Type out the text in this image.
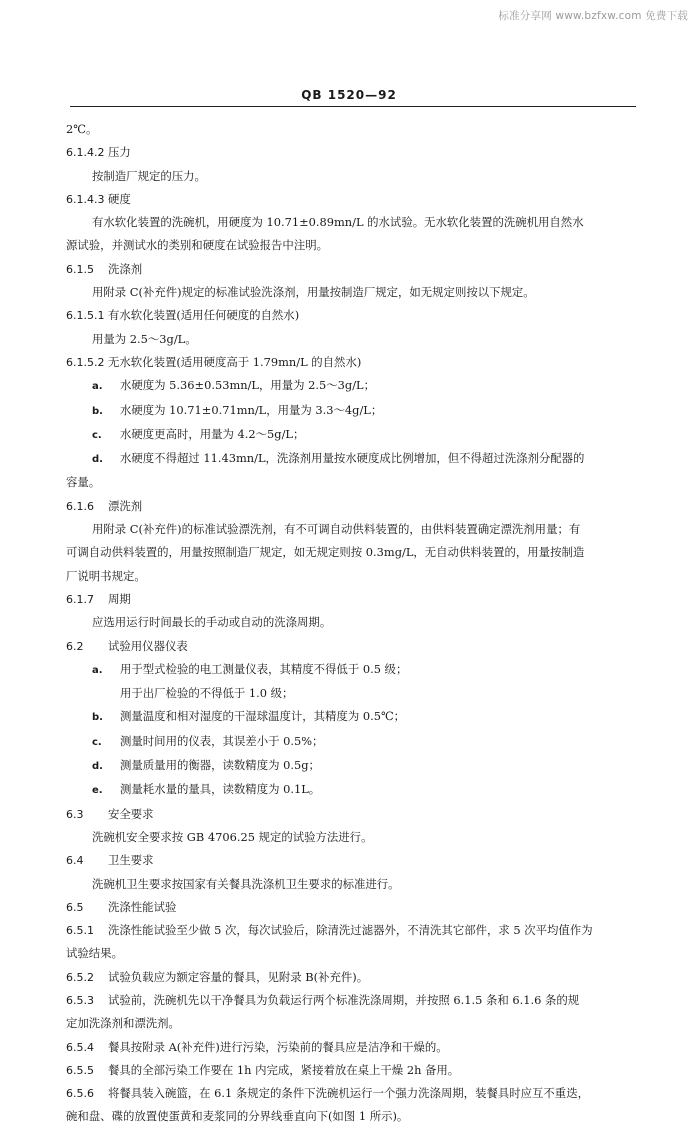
标准分享网 www.bzfxw.com 免费下载
QB 1520—92
2℃。
6.1.4.2 压力
按制造厂规定的压力。
6.1.4.3 硬度
有水软化装置的洗碗机，用硬度为 10.71±0.89mn/L 的水试验。无水软化装置的洗碗机用自然水
源试验，并测试水的类别和硬度在试验报告中注明。
6.1.5 洗涤剂
用附录 C(补充件)规定的标准试验洗涤剂，用量按制造厂规定，如无规定则按以下规定。
6.1.5.1 有水软化装置(适用任何硬度的自然水)
用量为 2.5～3g/L。
6.1.5.2 无水软化装置(适用硬度高于 1.79mn/L 的自然水)
a. 水硬度为 5.36±0.53mn/L，用量为 2.5～3g/L；
b. 水硬度为 10.71±0.71mn/L，用量为 3.3～4g/L；
c. 水硬度更高时，用量为 4.2～5g/L；
d. 水硬度不得超过 11.43mn/L，洗涤剂用量按水硬度成比例增加，但不得超过洗涤剂分配器的
容量。
6.1.6 漂洗剂
用附录 C(补充件)的标准试验漂洗剂，有不可调自动供料装置的，由供料装置确定漂洗剂用量；有
可调自动供料装置的，用量按照制造厂规定，如无规定则按 0.3mg/L，无自动供料装置的，用量按制造
厂说明书规定。
6.1.7 周期
应选用运行时间最长的手动或自动的洗涤周期。
6.2 试验用仪器仪表
a. 用于型式检验的电工测量仪表，其精度不得低于 0.5 级；
用于出厂检验的不得低于 1.0 级；
b. 测量温度和相对湿度的干湿球温度计，其精度为 0.5℃；
c. 测量时间用的仪表，其误差小于 0.5%；
d. 测量质量用的衡器，读数精度为 0.5g；
e. 测量耗水量的量具，读数精度为 0.1L。
6.3 安全要求
洗碗机安全要求按 GB 4706.25 规定的试验方法进行。
6.4 卫生要求
洗碗机卫生要求按国家有关餐具洗涤机卫生要求的标准进行。
6.5 洗涤性能试验
6.5.1 洗涤性能试验至少做 5 次，每次试验后，除清洗过滤器外，不清洗其它部件，求 5 次平均值作为
试验结果。
6.5.2 试验负载应为额定容量的餐具，见附录 B(补充件)。
6.5.3 试验前，洗碗机先以干净餐具为负载运行两个标准洗涤周期，并按照 6.1.5 条和 6.1.6 条的规
定加洗涤剂和漂洗剂。
6.5.4 餐具按附录 A(补充件)进行污染，污染前的餐具应是洁净和干燥的。
6.5.5 餐具的全部污染工作要在 1h 内完成，紧接着放在桌上干燥 2h 备用。
6.5.6 将餐具装入碗篮，在 6.1 条规定的条件下洗碗机运行一个强力洗涤周期，装餐具时应互不重迭，
碗和盘、碟的放置使蛋黄和麦浆同的分界线垂直向下(如图 1 所示)。
